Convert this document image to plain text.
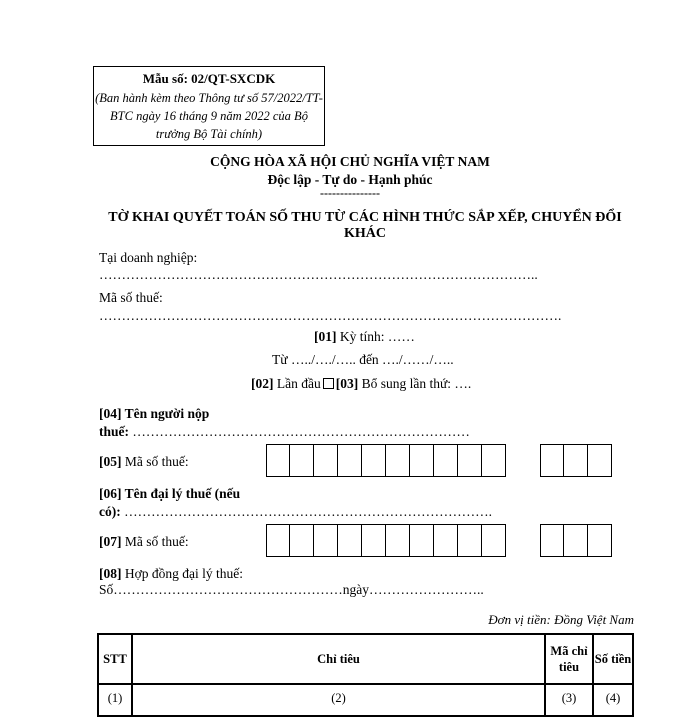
Mẫu số: 02/QT-SXCDK
(Ban hành kèm theo Thông tư số 57/2022/TT-BTC ngày 16 tháng 9 năm 2022 của Bộ trưởng Bộ Tài chính)
CỘNG HÒA XÃ HỘI CHỦ NGHĨA VIỆT NAM
Độc lập - Tự do - Hạnh phúc
---------------
TỜ KHAI QUYẾT TOÁN SỐ THU TỪ CÁC HÌNH THỨC SẮP XẾP, CHUYỂN ĐỔI KHÁC
Tại doanh nghiệp:
……………………………………………………………………………………..
Mã số thuế:
………………………………………………………………………………………….
[01] Kỳ tính: ……
Từ …../…./….. đến …./……/…..
[02] Lần đầu [03] Bổ sung lần thứ: ….
[04] Tên người nộp
thuế: …………………………………………………………………
[05] Mã số thuế:
[06] Tên đại lý thuế (nếu
có): ……………………………………………………………………….
[07] Mã số thuế:
[08] Hợp đồng đại lý thuế:
Số……………………………………………ngày……………………..
Đơn vị tiền: Đồng Việt Nam
STT	Chỉ tiêu	Mã chỉ tiêu	Số tiền
(1)	(2)	(3)	(4)
